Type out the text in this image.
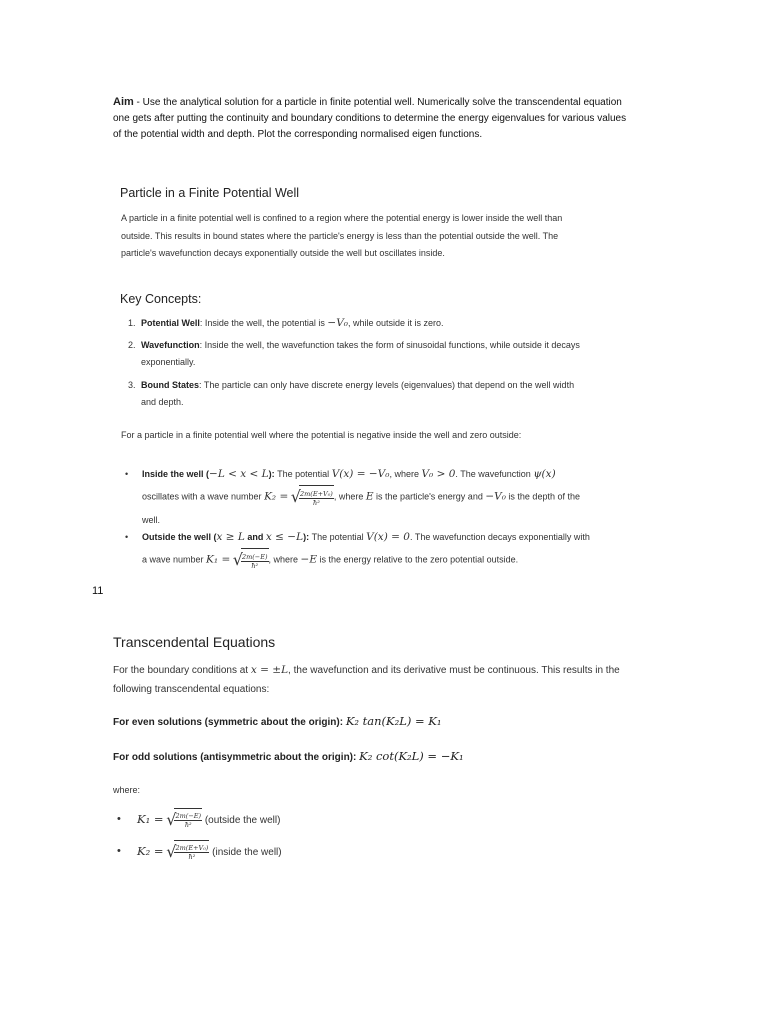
Aim - Use the analytical solution for a particle in finite potential well. Numerically solve the transcendental equation one gets after putting the continuity and boundary conditions to determine the energy eigenvalues for various values of the potential width and depth. Plot the corresponding normalised eigen functions.
Particle in a Finite Potential Well
A particle in a finite potential well is confined to a region where the potential energy is lower inside the well than outside. This results in bound states where the particle's energy is less than the potential outside the well. The particle's wavefunction decays exponentially outside the well but oscillates inside.
Key Concepts:
1. Potential Well: Inside the well, the potential is −V₀, while outside it is zero.
2. Wavefunction: Inside the well, the wavefunction takes the form of sinusoidal functions, while outside it decays exponentially.
3. Bound States: The particle can only have discrete energy levels (eigenvalues) that depend on the well width and depth.
For a particle in a finite potential well where the potential is negative inside the well and zero outside:
• Inside the well (−L < x < L): The potential V(x) = −V₀, where V₀ > 0. The wavefunction ψ(x) oscillates with a wave number K₂ = √
$\frac{\text{2m(E+V₀)}}{\text{ħ²}}$ , where E is the particle's energy and −V₀ is the depth of the well.
• Outside the well (x ≥ L and x ≤ −L): The potential V(x) = 0. The wavefunction decays exponentially with a wave number K₁ = √
$\frac{2m(-E)}{\text{ħ²}}$ , where −E is the energy relative to the zero potential outside.
11
Transcendental Equations
For the boundary conditions at x = ±L, the wavefunction and its derivative must be continuous. This results in the following transcendental equations:
For even solutions (symmetric about the origin): K₂ tan(K₂L) = K₁
For odd solutions (antisymmetric about the origin): K₂ cot(K₂L) = −K₁
where:
• K₁ = √
$\frac{2m(-E)}{\text{ħ²}}$ (outside the well)
• K₂ = √
$\frac{\text{2m(E+V₀)}}{\text{ħ²}}$ (inside the well)
